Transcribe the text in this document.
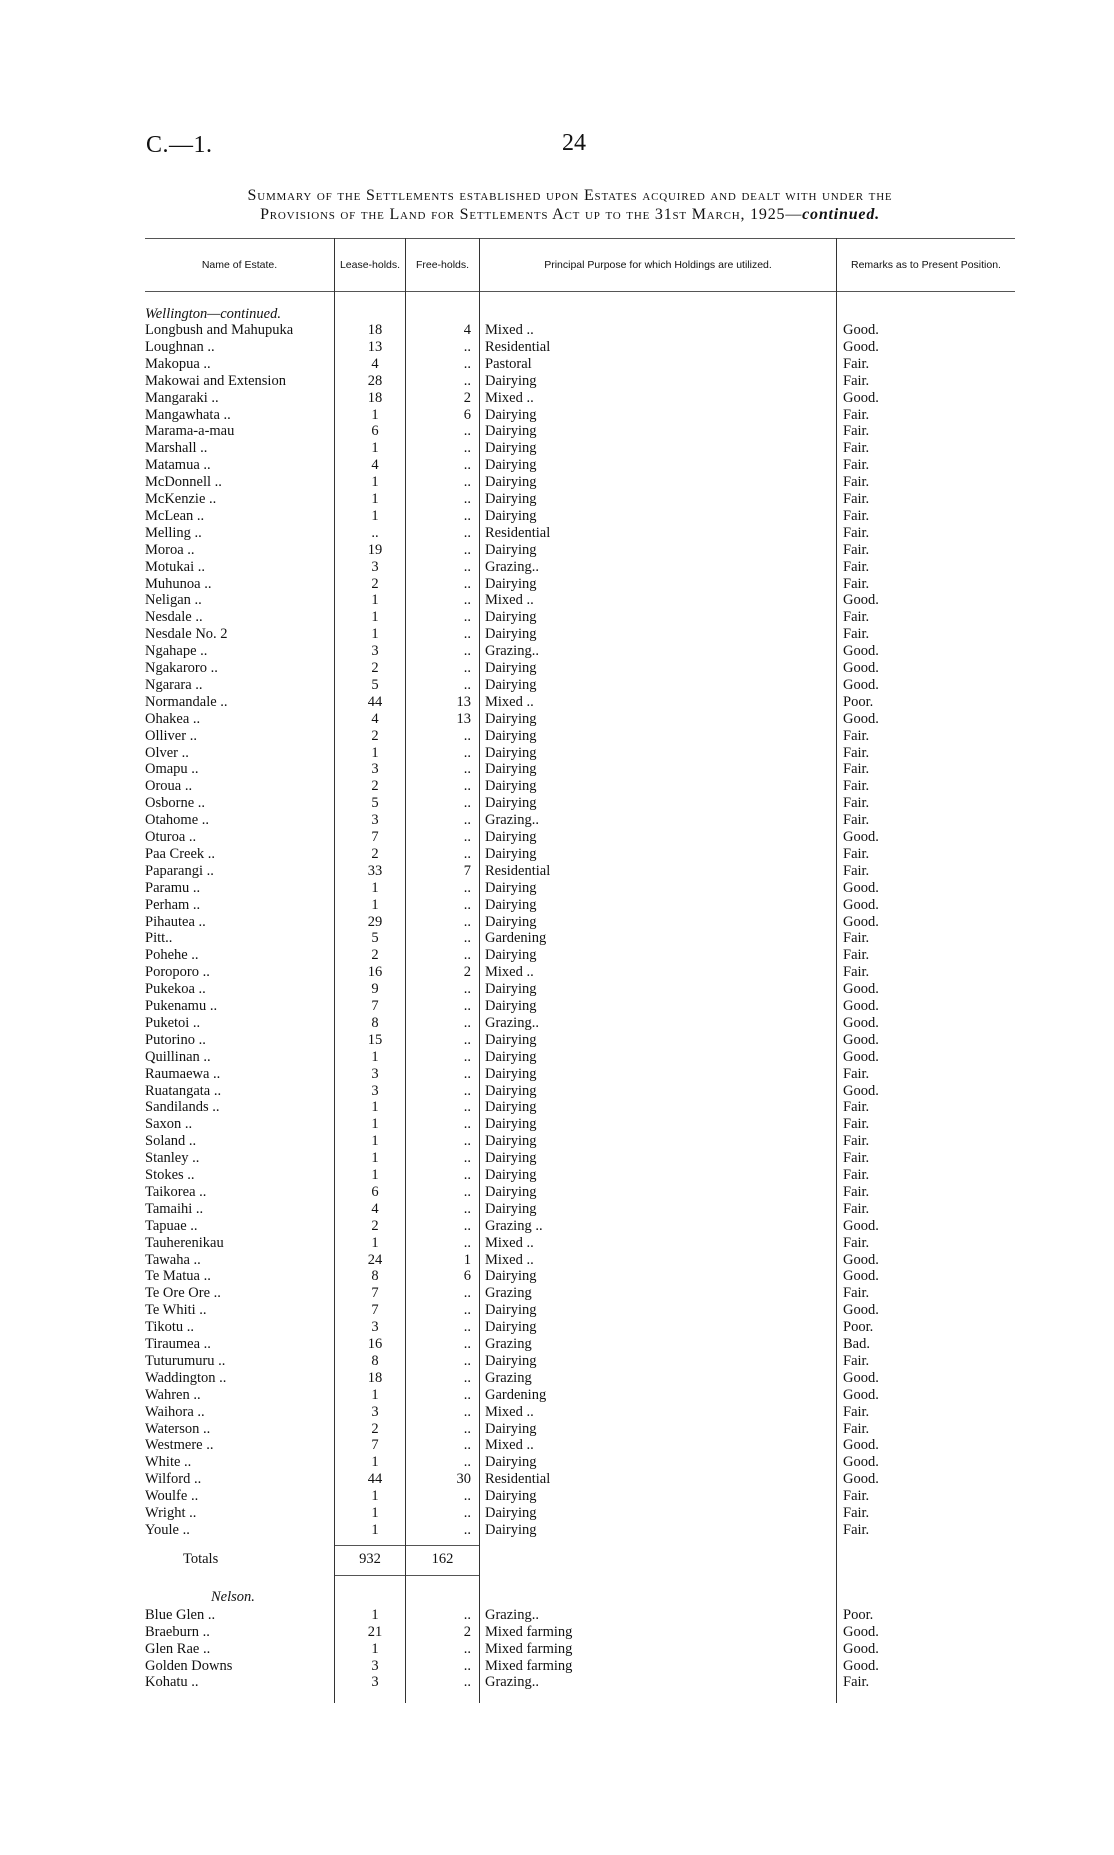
C.—1.	24
Summary of the Settlements established upon Estates acquired and dealt with under the
Provisions of the Land for Settlements Act up to the 31st March, 1925—continued.
Name of Estate.	Lease-holds.	Free-holds.	Principal Purpose for which Holdings are utilized.	Remarks as to Present Position.
Wellington—continued.
Longbush and Mahupuka	18	4 Mixed ..	Good.
Loughnan ..	13	.. Residential	Good.
Makopua ..	4	.. Pastoral	Fair.
Makowai and Extension	28	.. Dairying	Fair.
Mangaraki ..	18	2 Mixed ..	Good.
Mangawhata ..	1	6 Dairying	Fair.
Marama-a-mau	6	.. Dairying	Fair.
Marshall ..	1	.. Dairying	Fair.
Matamua ..	4	.. Dairying	Fair.
McDonnell ..	1	.. Dairying	Fair.
McKenzie ..	1	.. Dairying	Fair.
McLean ..	1	.. Dairying	Fair.
Melling ..	..	.. Residential	Fair.
Moroa ..	19	.. Dairying	Fair.
Motukai ..	3	.. Grazing..	Fair.
Muhunoa ..	2	.. Dairying	Fair.
Neligan ..	1	.. Mixed ..	Good.
Nesdale ..	1	.. Dairying	Fair.
Nesdale No. 2	1	.. Dairying	Fair.
Ngahape ..	3	.. Grazing..	Good.
Ngakaroro ..	2	.. Dairying	Good.
Ngarara ..	5	.. Dairying	Good.
Normandale ..	44	13 Mixed ..	Poor.
Ohakea ..	4	13 Dairying	Good.
Olliver ..	2	.. Dairying	Fair.
Olver ..	1	.. Dairying	Fair.
Omapu ..	3	.. Dairying	Fair.
Oroua ..	2	.. Dairying	Fair.
Osborne ..	5	.. Dairying	Fair.
Otahome ..	3	.. Grazing..	Fair.
Oturoa ..	7	.. Dairying	Good.
Paa Creek ..	2	.. Dairying	Fair.
Paparangi ..	33	7 Residential	Fair.
Paramu ..	1	.. Dairying	Good.
Perham ..	1	.. Dairying	Good.
Pihautea ..	29	.. Dairying	Good.
Pitt..	5	.. Gardening	Fair.
Pohehe ..	2	.. Dairying	Fair.
Poroporo ..	16	2 Mixed ..	Fair.
Pukekoa ..	9	.. Dairying	Good.
Pukenamu ..	7	.. Dairying	Good.
Puketoi ..	8	.. Grazing..	Good.
Putorino ..	15	.. Dairying	Good.
Quillinan ..	1	.. Dairying	Good.
Raumaewa ..	3	.. Dairying	Fair.
Ruatangata ..	3	.. Dairying	Good.
Sandilands ..	1	.. Dairying	Fair.
Saxon ..	1	.. Dairying	Fair.
Soland ..	1	.. Dairying	Fair.
Stanley ..	1	.. Dairying	Fair.
Stokes ..	1	.. Dairying	Fair.
Taikorea ..	6	.. Dairying	Fair.
Tamaihi ..	4	.. Dairying	Fair.
Tapuae ..	2	.. Grazing ..	Good.
Tauherenikau	1	.. Mixed ..	Fair.
Tawaha ..	24	1 Mixed ..	Good.
Te Matua ..	8	6 Dairying	Good.
Te Ore Ore ..	7	.. Grazing	Fair.
Te Whiti ..	7	.. Dairying	Good.
Tikotu ..	3	.. Dairying	Poor.
Tiraumea ..	16	.. Grazing	Bad.
Tuturumuru ..	8	.. Dairying	Fair.
Waddington ..	18	.. Grazing	Good.
Wahren ..	1	.. Gardening	Good.
Waihora ..	3	.. Mixed ..	Fair.
Waterson ..	2	.. Dairying	Fair.
Westmere ..	7	.. Mixed ..	Good.
White ..	1	.. Dairying	Good.
Wilford ..	44	30 Residential	Good.
Woulfe ..	1	.. Dairying	Fair.
Wright ..	1	.. Dairying	Fair.
Youle ..	1	.. Dairying	Fair.
Totals	932	162
Nelson.
Blue Glen ..	1	.. Grazing..	Poor.
Braeburn ..	21	2 Mixed farming	Good.
Glen Rae ..	1	.. Mixed farming	Good.
Golden Downs	3	.. Mixed farming	Good.
Kohatu ..	3	.. Grazing..	Fair.
